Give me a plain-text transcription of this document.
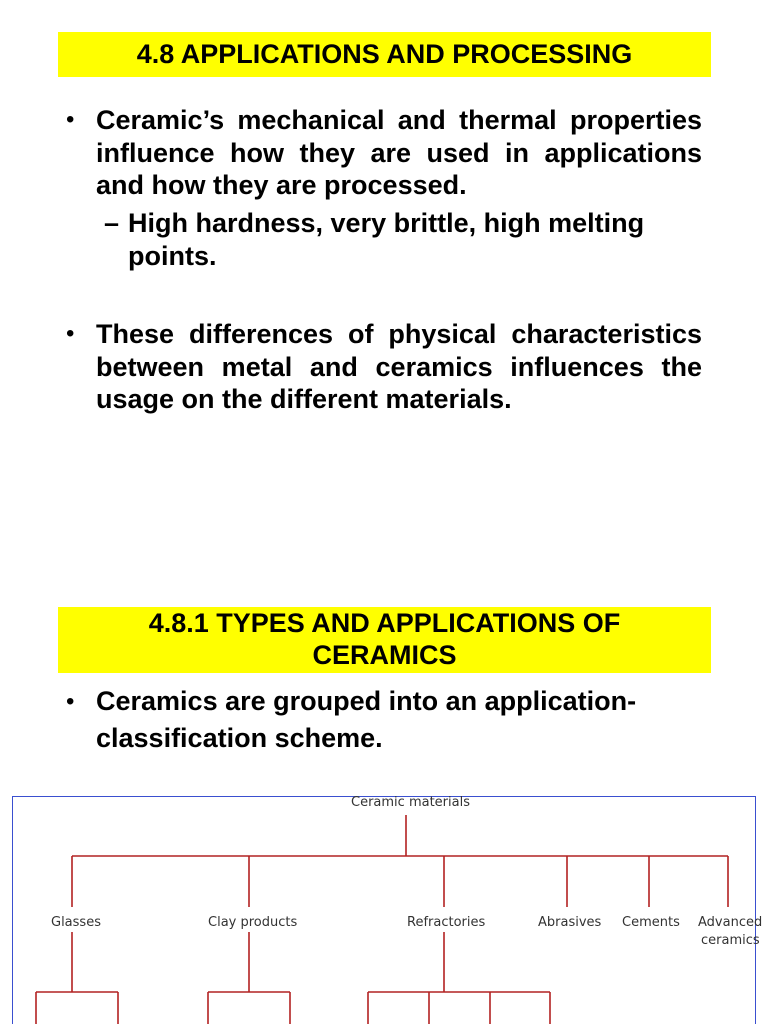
4.8 APPLICATIONS AND PROCESSING
• Ceramic’s mechanical and thermal properties influence how they are used in applications and how they are processed.
– High hardness, very brittle, high melting points.
• These differences of physical characteristics between metal and ceramics influences the usage on the different materials.
4.8.1 TYPES AND APPLICATIONS OF
CERAMICS
• Ceramics are grouped into an application-classification scheme.
Ceramic materials
Glasses	Clay products	Refractories	Abrasives Cements Advanced
ceramics
